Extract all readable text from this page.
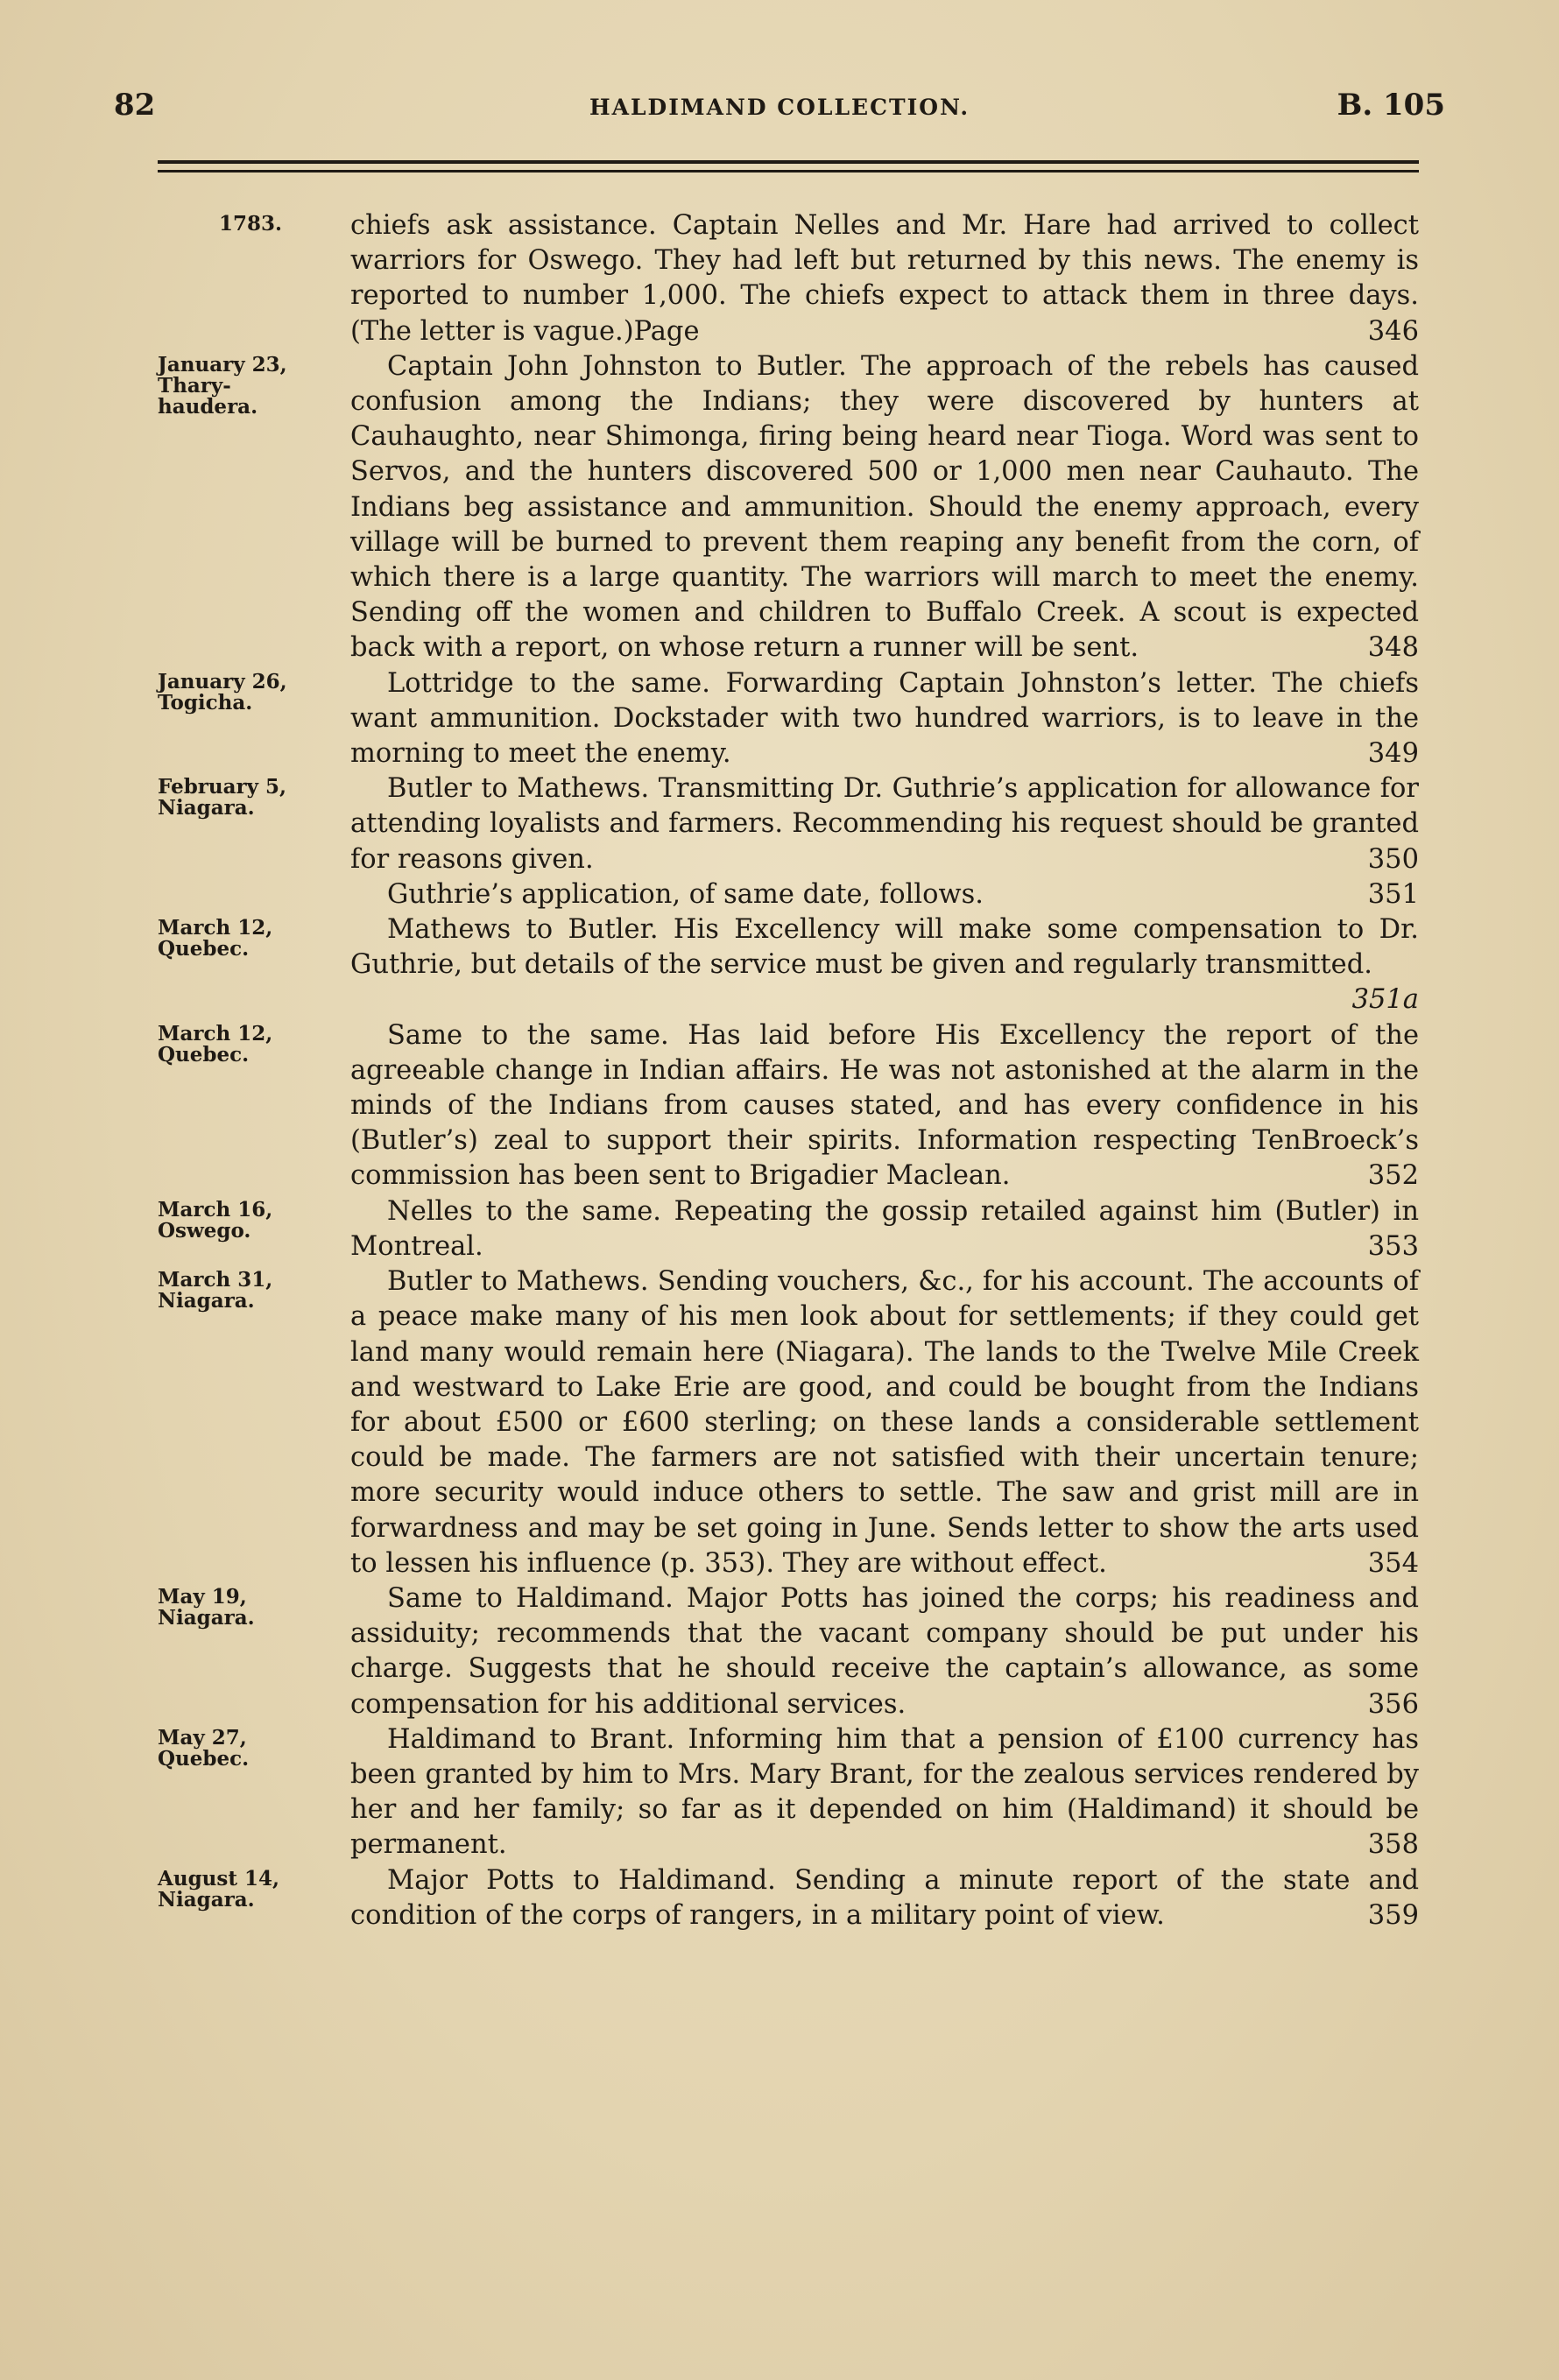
82	HALDIMAND COLLECTION.	B. 105
1783.	chiefs ask assistance. Captain Nelles and Mr. Hare had arrived to collect warriors for Oswego. They had left but returned by this news. The enemy is reported to number 1,000. The chiefs expect to attack them in three days. (The letter is vague.)Page	346
January 23,
Thary-haudera.
Captain John Johnston to Butler. The approach of the rebels has caused confusion among the Indians; they were discovered by hunters at Cauhaughto, near Shimonga, firing being heard near Tioga. Word was sent to Servos, and the hunters discovered 500 or 1,000 men near Cauhauto. The Indians beg assistance and ammunition. Should the enemy approach, every village will be burned to prevent them reaping any benefit from the corn, of which there is a large quantity. The warriors will march to meet the enemy. Sending off the women and children to Buffalo Creek. A scout is expected back with a report, on whose return a runner will be sent.	348
January 26,
Togicha.
Lottridge to the same. Forwarding Captain Johnston’s letter. The chiefs want ammunition. Dockstader with two hundred warriors, is to leave in the morning to meet the enemy.	349
February 5,
Niagara.
Butler to Mathews. Transmitting Dr. Guthrie’s application for allowance for attending loyalists and farmers. Recommending his request should be granted for reasons given.	350
Guthrie’s application, of same date, follows.	351
March 12,
Quebec.
Mathews to Butler. His Excellency will make some compensation to Dr. Guthrie, but details of the service must be given and regularly transmitted.
351a
March 12,
Quebec.
Same to the same. Has laid before His Excellency the report of the agreeable change in Indian affairs. He was not astonished at the alarm in the minds of the Indians from causes stated, and has every confidence in his (Butler’s) zeal to support their spirits. Information respecting TenBroeck’s commission has been sent to Brigadier Maclean.	352
March 16,
Oswego.
Nelles to the same. Repeating the gossip retailed against him (Butler) in Montreal.	353
March 31,
Niagara.
Butler to Mathews. Sending vouchers, &c., for his account. The accounts of a peace make many of his men look about for settlements; if they could get land many would remain here (Niagara). The lands to the Twelve Mile Creek and westward to Lake Erie are good, and could be bought from the Indians for about £500 or £600 sterling; on these lands a considerable settlement could be made. The farmers are not satisfied with their uncertain tenure; more security would induce others to settle. The saw and grist mill are in forwardness and may be set going in June. Sends letter to show the arts used to lessen his influence (p. 353). They are without effect.	354
May 19,
Niagara.
Same to Haldimand. Major Potts has joined the corps; his readiness and assiduity; recommends that the vacant company should be put under his charge. Suggests that he should receive the captain’s allowance, as some compensation for his additional services.	356
May 27,
Quebec.
Haldimand to Brant. Informing him that a pension of £100 currency has been granted by him to Mrs. Mary Brant, for the zealous services rendered by her and her family; so far as it depended on him (Haldimand) it should be permanent.	358
August 14,
Niagara.
Major Potts to Haldimand. Sending a minute report of the state and condition of the corps of rangers, in a military point of view.	359
